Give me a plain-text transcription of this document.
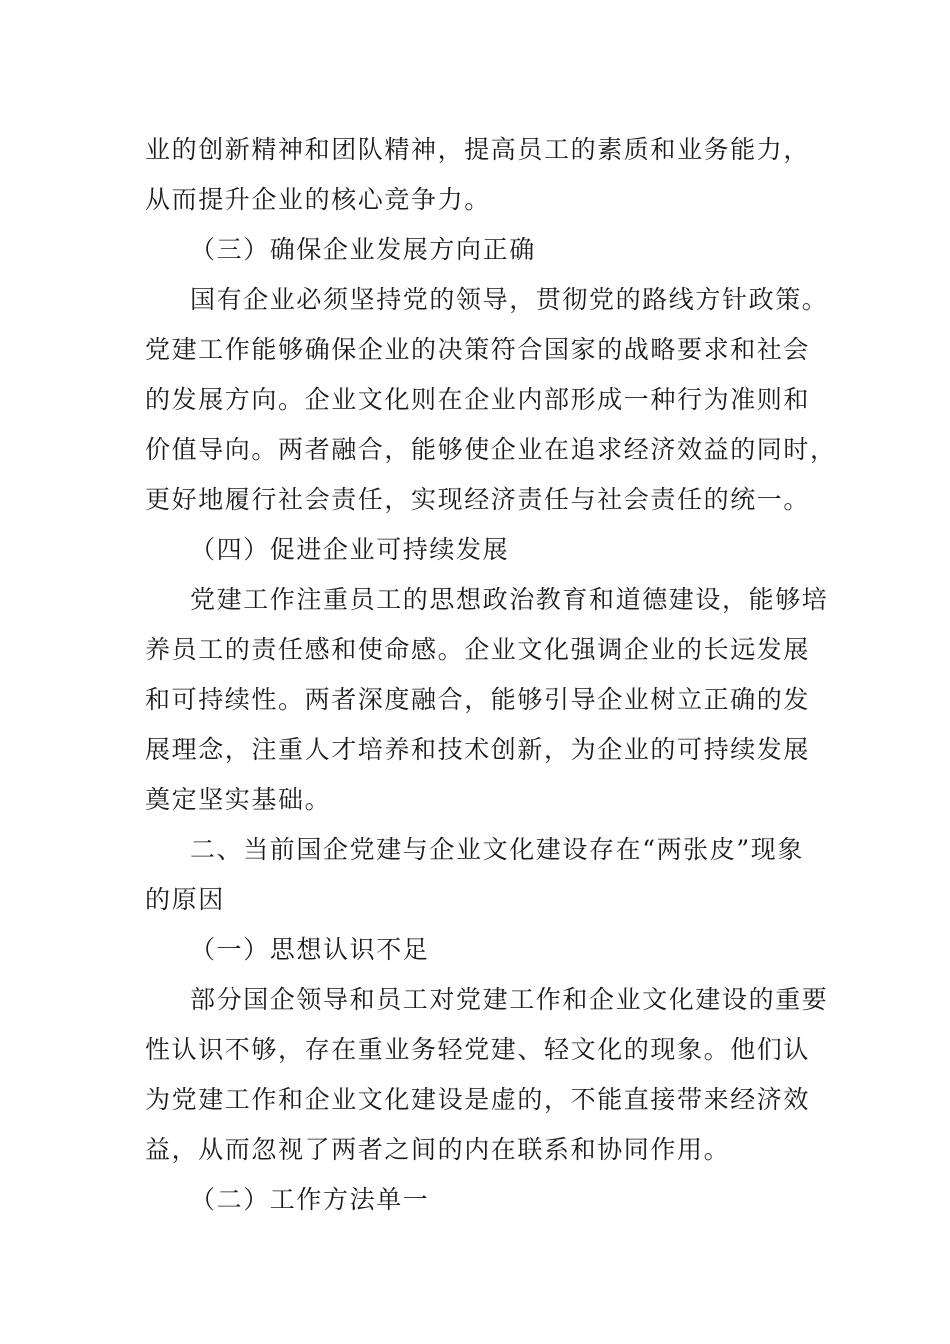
业的创新精神和团队精神，提高员工的素质和业务能力，
从而提升企业的核心竞争力。
（三）确保企业发展方向正确
国有企业必须坚持党的领导，贯彻党的路线方针政策。
党建工作能够确保企业的决策符合国家的战略要求和社会
的发展方向。企业文化则在企业内部形成一种行为准则和
价值导向。两者融合，能够使企业在追求经济效益的同时，
更好地履行社会责任，实现经济责任与社会责任的统一。
（四）促进企业可持续发展
党建工作注重员工的思想政治教育和道德建设，能够培
养员工的责任感和使命感。企业文化强调企业的长远发展
和可持续性。两者深度融合，能够引导企业树立正确的发
展理念，注重人才培养和技术创新，为企业的可持续发展
奠定坚实基础。
二、当前国企党建与企业文化建设存在“两张皮”现象
的原因
（一）思想认识不足
部分国企领导和员工对党建工作和企业文化建设的重要
性认识不够，存在重业务轻党建、轻文化的现象。他们认
为党建工作和企业文化建设是虚的，不能直接带来经济效
益，从而忽视了两者之间的内在联系和协同作用。
（二）工作方法单一
